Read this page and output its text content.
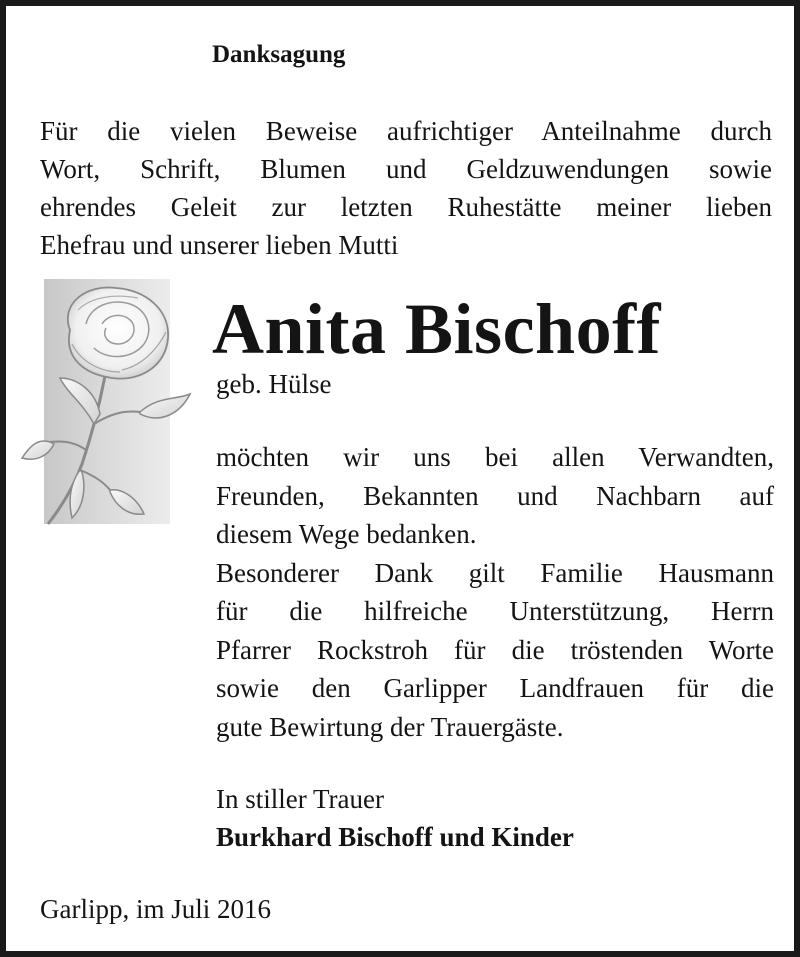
Danksagung
Für die vielen Beweise aufrichtiger Anteilnahme durch
Wort, Schrift, Blumen und Geldzuwendungen sowie
ehrendes Geleit zur letzten Ruhestätte meiner lieben
Ehefrau und unserer lieben Mutti
Anita Bischoff
geb. Hülse
möchten wir uns bei allen Verwandten,
Freunden, Bekannten und Nachbarn auf
diesem Wege bedanken.
Besonderer Dank gilt Familie Hausmann
für die hilfreiche Unterstützung, Herrn
Pfarrer Rockstroh für die tröstenden Worte
sowie den Garlipper Landfrauen für die
gute Bewirtung der Trauergäste.
In stiller Trauer
Burkhard Bischoff und Kinder
Garlipp, im Juli 2016
